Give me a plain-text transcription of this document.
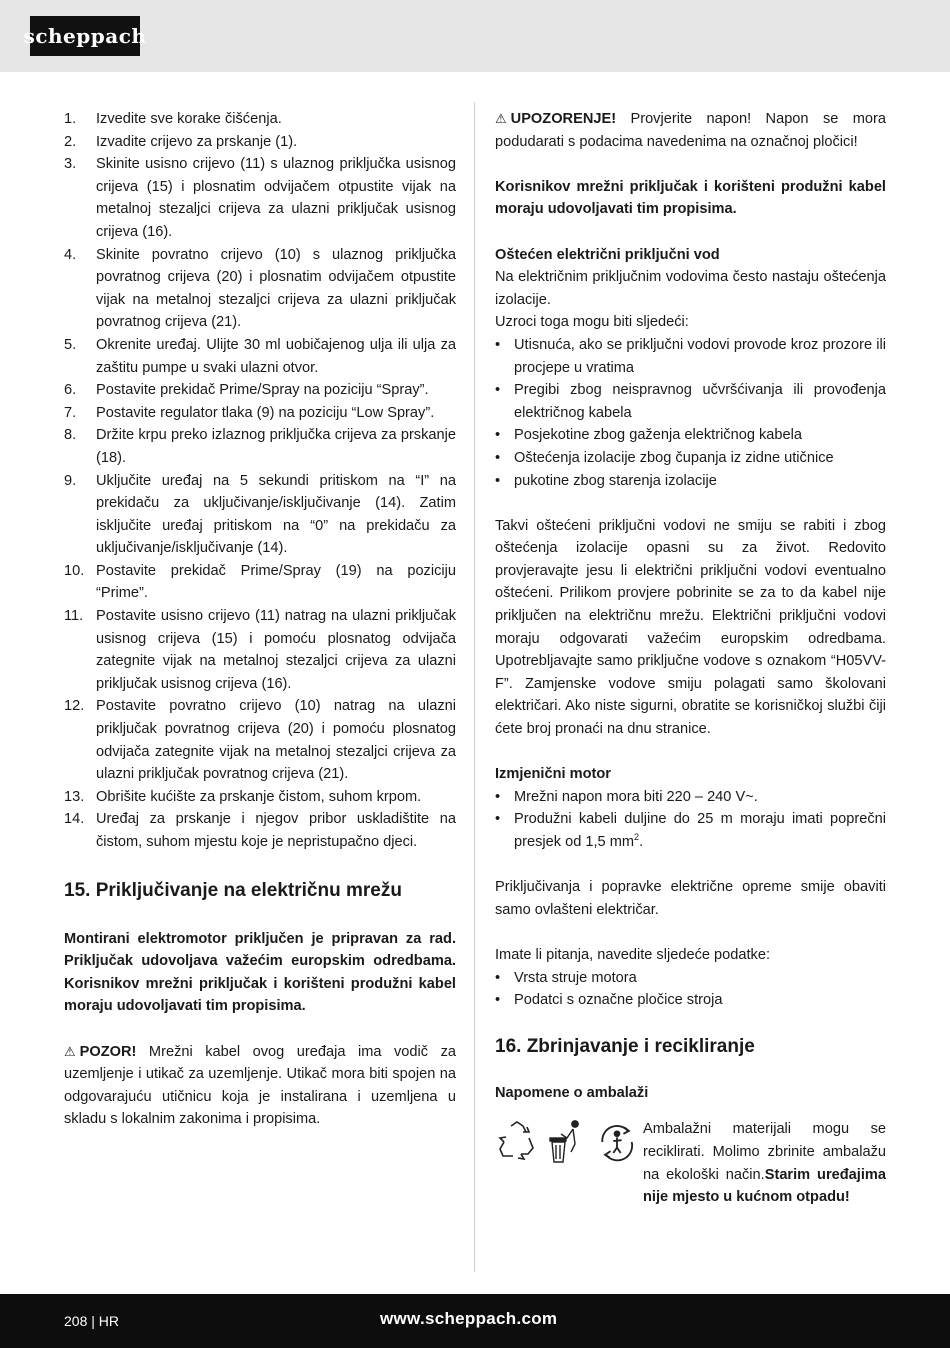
scheppach
1. Izvedite sve korake čišćenja.
2. Izvadite crijevo za prskanje (1).
3. Skinite usisno crijevo (11) s ulaznog priključka usisnog crijeva (15) i plosnatim odvijačem otpustite vijak na metalnoj stezaljci crijeva za ulazni priključak usisnog crijeva (16).
4. Skinite povratno crijevo (10) s ulaznog priključka povratnog crijeva (20) i plosnatim odvijačem otpustite vijak na metalnoj stezaljci crijeva za ulazni priključak povratnog crijeva (21).
5. Okrenite uređaj. Ulijte 30 ml uobičajenog ulja ili ulja za zaštitu pumpe u svaki ulazni otvor.
6. Postavite prekidač Prime/Spray na poziciju “Spray”.
7. Postavite regulator tlaka (9) na poziciju “Low Spray”.
8. Držite krpu preko izlaznog priključka crijeva za prskanje (18).
9. Uključite uređaj na 5 sekundi pritiskom na “I” na prekidaču za uključivanje/isključivanje (14). Zatim isključite uređaj pritiskom na “0” na prekidaču za uključivanje/isključivanje (14).
10. Postavite prekidač Prime/Spray (19) na poziciju “Prime”.
11. Postavite usisno crijevo (11) natrag na ulazni priključak usisnog crijeva (15) i pomoću plosnatog odvijača zategnite vijak na metalnoj stezaljci crijeva za ulazni priključak usisnog crijeva (16).
12. Postavite povratno crijevo (10) natrag na ulazni priključak povratnog crijeva (20) i pomoću plosnatog odvijača zategnite vijak na metalnoj stezaljci crijeva za ulazni priključak povratnog crijeva (21).
13. Obrišite kućište za prskanje čistom, suhom krpom.
14. Uređaj za prskanje i njegov pribor uskladištite na čistom, suhom mjestu koje je nepristupačno djeci.
15. Priključivanje na električnu mrežu

Montirani elektromotor priključen je pripravan za rad. Priključak udovoljava važećim europskim odredbama. Korisnikov mrežni priključak i korišteni produžni kabel moraju udovoljavati tim propisima.

⚠ POZOR! Mrežni kabel ovog uređaja ima vodič za uzemljenje i utikač za uzemljenje. Utikač mora biti spojen na odgovarajuću utičnicu koja je instalirana i uzemljena u skladu s lokalnim zakonima i propisima.

⚠ UPOZORENJE! Provjerite napon! Napon se mora podudarati s podacima navedenima na označnoj pločici!

Korisnikov mrežni priključak i korišteni produžni kabel moraju udovoljavati tim propisima.

Oštećen električni priključni vod

Na električnim priključnim vodovima često nastaju oštećenja izolacije.

Uzroci toga mogu biti sljedeći:

• Utisnuća, ako se priključni vodovi provode kroz prozore ili procjepe u vratima
• Pregibi zbog neispravnog učvršćivanja ili provođenja električnog kabela
• Posjekotine zbog gaženja električnog kabela
• Oštećenja izolacije zbog čupanja iz zidne utičnice
• pukotine zbog starenja izolacije

Takvi oštećeni priključni vodovi ne smiju se rabiti i zbog oštećenja izolacije opasni su za život. Redovito provjeravajte jesu li električni priključni vodovi eventualno oštećeni. Prilikom provjere pobrinite se za to da kabel nije priključen na električnu mrežu. Električni priključni vodovi moraju odgovarati važećim europskim odredbama. Upotrebljavajte samo priključne vodove s oznakom “H05VV-F”. Zamjenske vodove smiju polagati samo školovani električari. Ako niste sigurni, obratite se korisničkoj službi čiji ćete broj pronaći na dnu stranice.

Izmjenični motor

• Mrežni napon mora biti 220 – 240 V~.
• Produžni kabeli duljine do 25 m moraju imati poprečni presjek od 1,5 $mm^2$.

Priključivanja i popravke električne opreme smije obaviti samo ovlašteni električar.

Imate li pitanja, navedite sljedeće podatke:

• Vrsta struje motora
• Podatci s označne pločice stroja
16. Zbrinjavanje i recikliranje

Napomene o ambalaži

Ambalažni materijali mogu se reciklirati. Molimo zbrinite ambalažu na ekološki način.Starim uređajima nije mjesto u kućnom otpadu!

208 | HR	www.scheppach.com
